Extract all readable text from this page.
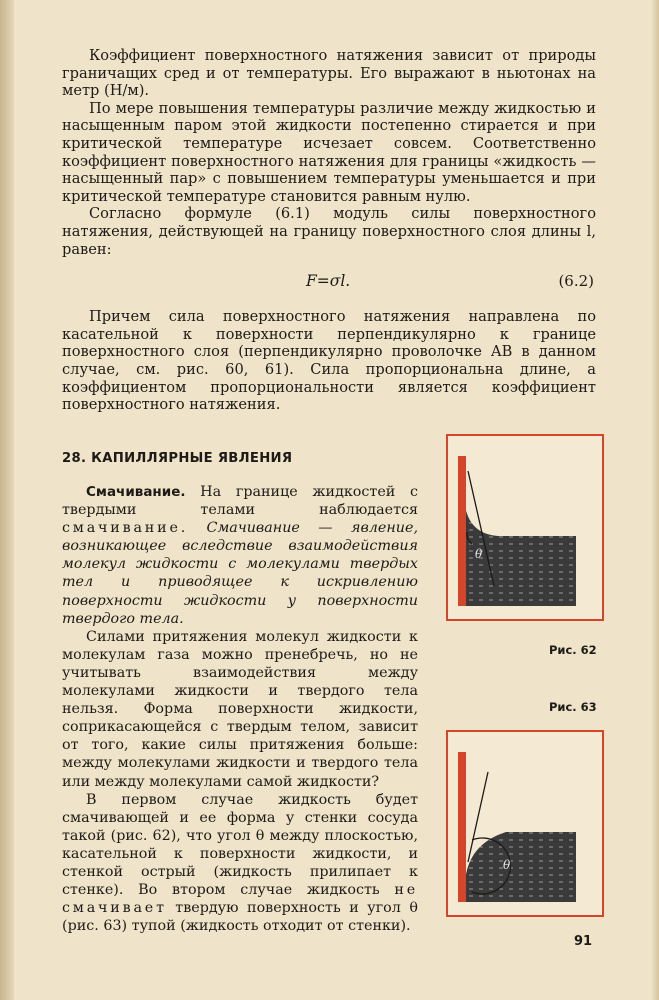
Коэффициент поверхностного натяжения зависит от природы граничащих сред и от температуры. Его выражают в ньютонах на метр (Н/м).

По мере повышения температуры различие между жидкостью и насыщенным паром этой жидкости постепенно стирается и при критической температуре исчезает совсем. Соответственно коэффициент поверхностного натяжения для границы «жидкость — насыщенный пар» с повышением температуры уменьшается и при критической температуре становится равным нулю.

Согласно формуле (6.1) модуль силы поверхностного натяжения, действующей на границу поверхностного слоя длины l, равен:

F=σl.	(6.2)

Причем сила поверхностного натяжения направлена по касательной к поверхности перпендикулярно к границе поверхностного слоя (перпендикулярно проволочке AB в данном случае, см. рис. 60, 61). Сила пропорциональна длине, а коэффициентом пропорциональности является коэффициент поверхностного натяжения.

28. КАПИЛЛЯРНЫЕ ЯВЛЕНИЯ

Смачивание. На границе жидкостей с твердыми телами наблюдается смачивание. Смачивание — явление, возникающее вследствие взаимодействия молекул жидкости с молекулами твердых тел и приводящее к искривлению поверхности жидкости у поверхности твердого тела.

Силами притяжения молекул жидкости к молекулам газа можно пренебречь, но не учитывать взаимодействия между молекулами жидкости и твердого тела нельзя. Форма поверхности жидкости, соприкасающейся с твердым телом, зависит от того, какие силы притяжения больше: между молекулами жидкости и твердого тела или между молекулами самой жидкости?

В первом случае жидкость будет смачивающей и ее форма у стенки сосуда такой (рис. 62), что угол θ между плоскостью, касательной к поверхности жидкости, и стенкой острый (жидкость прилипает к стенке). Во втором случае жидкость не смачивает твердую поверхность и угол θ (рис. 63) тупой (жидкость отходит от стенки).

θ
Рис. 62
Рис. 63
θ
91
